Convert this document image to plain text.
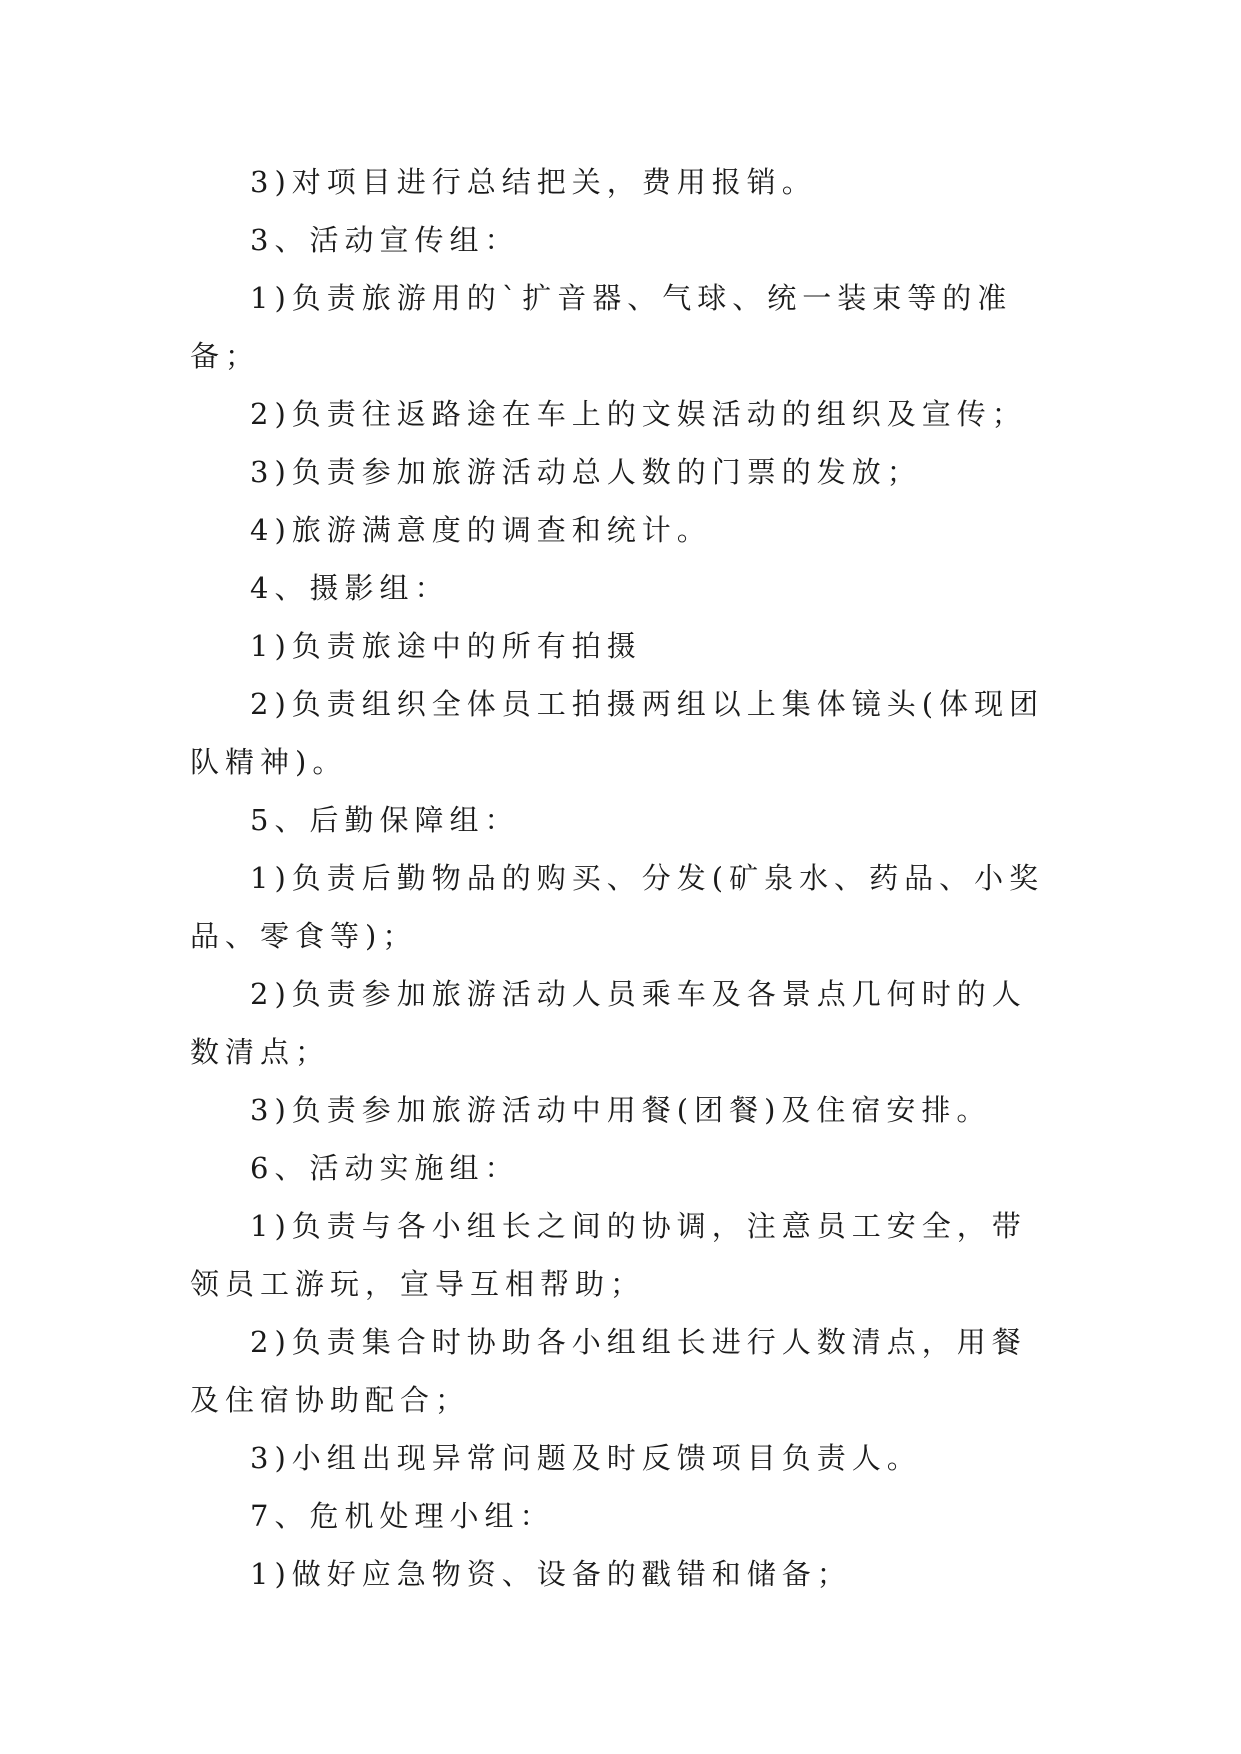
3)对项目进行总结把关，费用报销。

3、活动宣传组：

1)负责旅游用的`扩音器、气球、统一装束等的准备；

2)负责往返路途在车上的文娱活动的组织及宣传；

3)负责参加旅游活动总人数的门票的发放；

4)旅游满意度的调查和统计。

4、摄影组：

1)负责旅途中的所有拍摄

2)负责组织全体员工拍摄两组以上集体镜头(体现团队精神)。

5、后勤保障组：

1)负责后勤物品的购买、分发(矿泉水、药品、小奖品、零食等)；

2)负责参加旅游活动人员乘车及各景点几何时的人数清点；

3)负责参加旅游活动中用餐(团餐)及住宿安排。

6、活动实施组：

1)负责与各小组长之间的协调，注意员工安全，带领员工游玩，宣导互相帮助；

2)负责集合时协助各小组组长进行人数清点，用餐及住宿协助配合；

3)小组出现异常问题及时反馈项目负责人。

7、危机处理小组：

1)做好应急物资、设备的戳错和储备；
